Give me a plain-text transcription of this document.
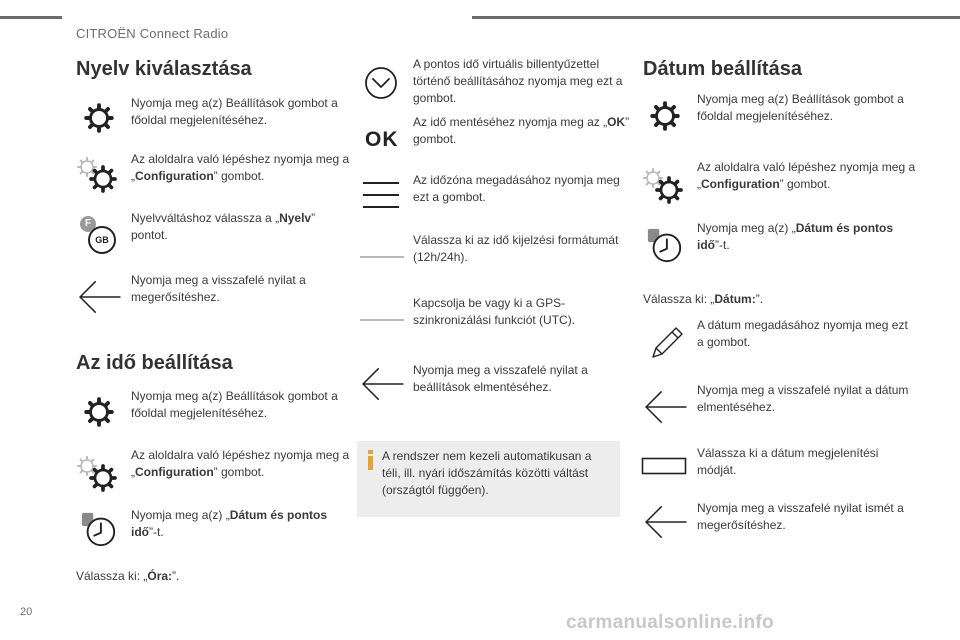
CITROËN Connect Radio
Nyelv kiválasztása
Nyomja meg a(z) Beállítások gombot a főoldal megjelenítéséhez.
Az aloldalra való lépéshez nyomja meg a „Configuration” gombot.
F
GB
Nyelvváltáshoz válassza a „Nyelv” pontot.
Nyomja meg a visszafelé nyilat a megerősítéshez.
Az idő beállítása
Nyomja meg a(z) Beállítások gombot a főoldal megjelenítéséhez.
Az aloldalra való lépéshez nyomja meg a „Configuration” gombot.
Nyomja meg a(z) „Dátum és pontos idő”-t.
Válassza ki: „Óra:”.
A pontos idő virtuális billentyűzettel történő beállításához nyomja meg ezt a gombot.
OK
Az idő mentéséhez nyomja meg az „OK” gombot.
Az időzóna megadásához nyomja meg ezt a gombot.
Válassza ki az idő kijelzési formátumát (12h/24h).
Kapcsolja be vagy ki a GPS-szinkronizálási funkciót (UTC).
Nyomja meg a visszafelé nyilat a beállítások elmentéséhez.
A rendszer nem kezeli automatikusan a téli, ill. nyári időszámítás közötti váltást (országtól függően).
Dátum beállítása
Nyomja meg a(z) Beállítások gombot a főoldal megjelenítéséhez.
Az aloldalra való lépéshez nyomja meg a „Configuration” gombot.
Nyomja meg a(z) „Dátum és pontos idő”-t.
Válassza ki: „Dátum:”.
A dátum megadásához nyomja meg ezt a gombot.
Nyomja meg a visszafelé nyilat a dátum elmentéséhez.
Válassza ki a dátum megjelenítési módját.
Nyomja meg a visszafelé nyilat ismét a megerősítéshez.
20	carmanualsonline.info
